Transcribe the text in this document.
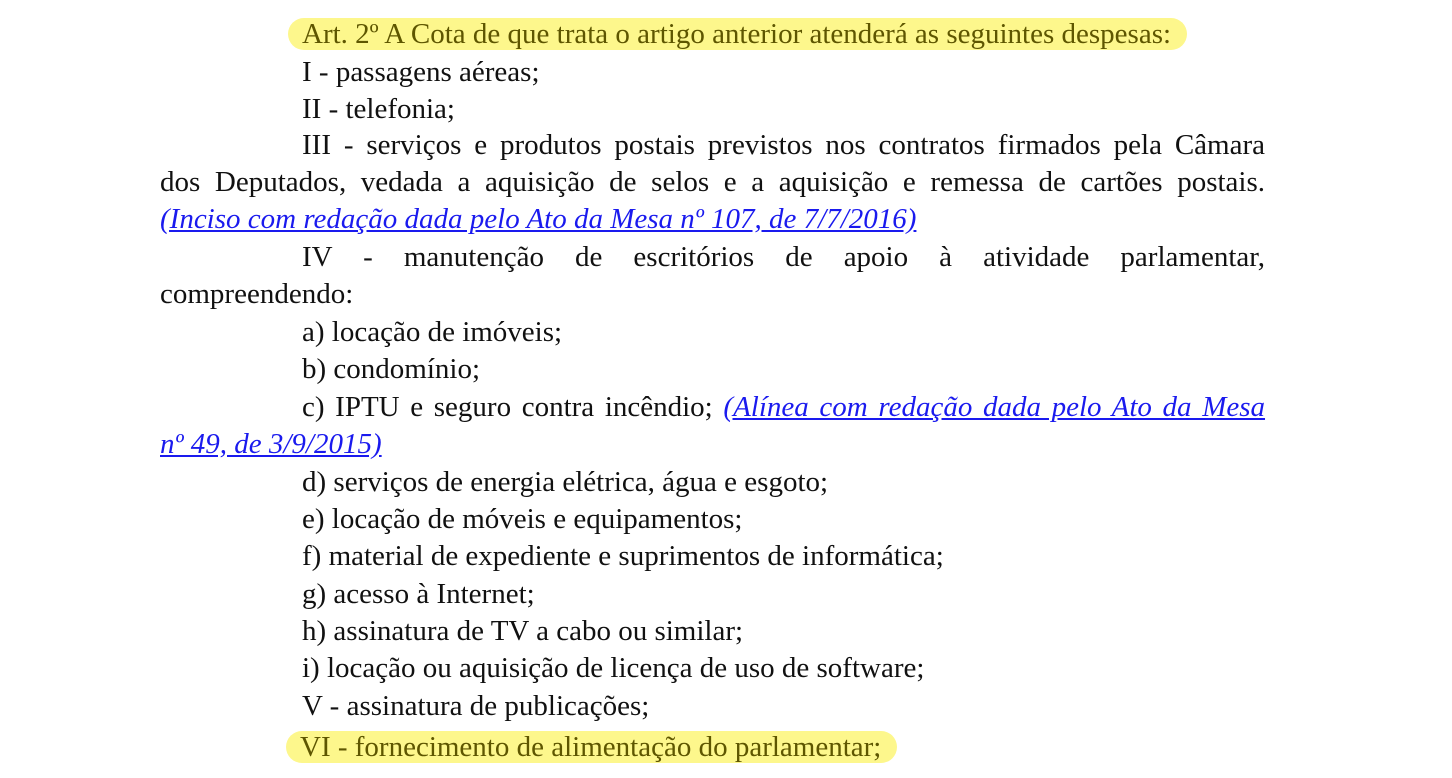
Art. 2º A Cota de que trata o artigo anterior atenderá as seguintes despesas:
I - passagens aéreas;
II - telefonia;
III - serviços e produtos postais previstos nos contratos firmados pela Câmara
dos Deputados, vedada a aquisição de selos e a aquisição e remessa de cartões postais.
(Inciso com redação dada pelo Ato da Mesa nº 107, de 7/7/2016)
IV - manutenção de escritórios de apoio à atividade parlamentar,
compreendendo:
a) locação de imóveis;
b) condomínio;
c) IPTU e seguro contra incêndio; (Alínea com redação dada pelo Ato da Mesa
nº 49, de 3/9/2015)
d) serviços de energia elétrica, água e esgoto;
e) locação de móveis e equipamentos;
f) material de expediente e suprimentos de informática;
g) acesso à Internet;
h) assinatura de TV a cabo ou similar;
i) locação ou aquisição de licença de uso de software;
V - assinatura de publicações;
VI - fornecimento de alimentação do parlamentar;
